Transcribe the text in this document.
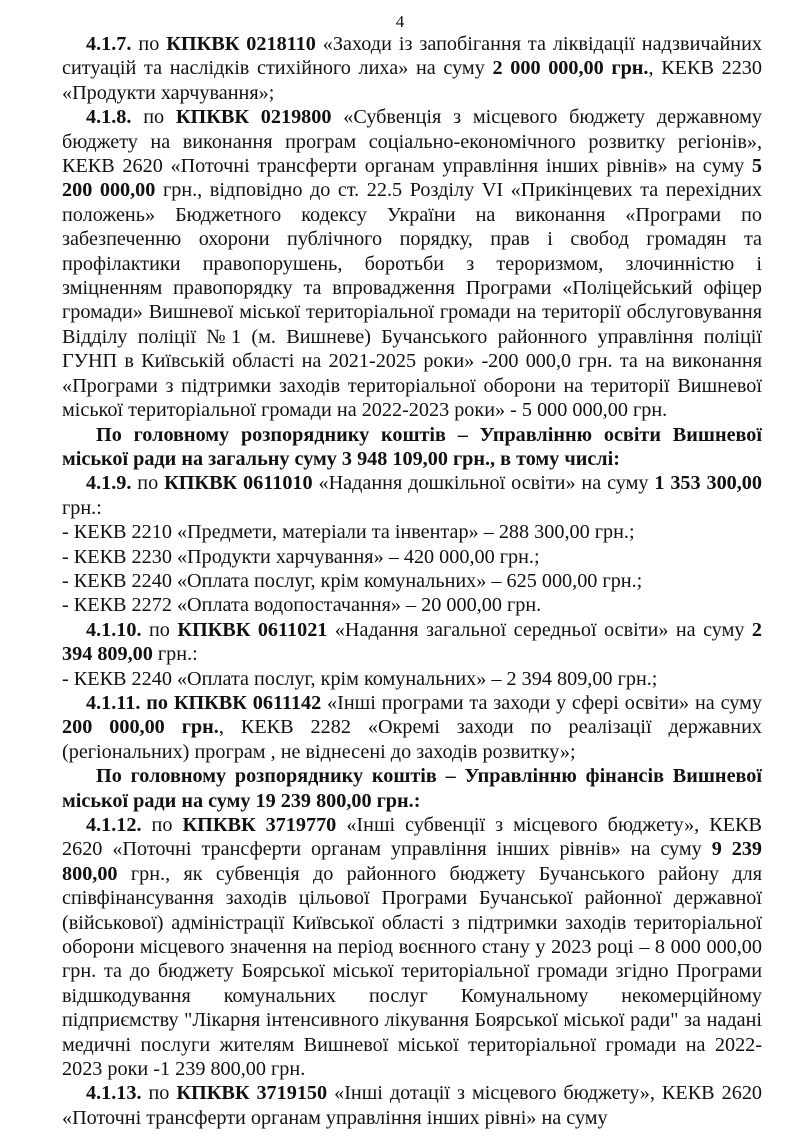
4

4.1.7. по КПКВК 0218110 «Заходи із запобігання та ліквідації надзвичайних ситуацій та наслідків стихійного лиха» на суму 2 000 000,00 грн., КЕКВ 2230 «Продукти харчування»;

4.1.8. по КПКВК 0219800 «Субвенція з місцевого бюджету державному бюджету на виконання програм соціально-економічного розвитку регіонів», КЕКВ 2620 «Поточні трансферти органам управління інших рівнів» на суму 5 200 000,00 грн., відповідно до ст. 22.5 Розділу VI «Прикінцевих та перехідних положень» Бюджетного кодексу України на виконання «Програми по забезпеченню охорони публічного порядку, прав і свобод громадян та профілактики правопорушень, боротьби з тероризмом, злочинністю і зміцненням правопорядку та впровадження Програми «Поліцейський офіцер громади» Вишневої міської територіальної громади на території обслуговування Відділу поліції №1 (м. Вишневе) Бучанського районного управління поліції ГУНП в Київській області на 2021-2025 роки» -200 000,0 грн. та на виконання «Програми з підтримки заходів територіальної оборони на території Вишневої міської територіальної громади на 2022-2023 роки» - 5 000 000,00 грн.

По головному розпоряднику коштів – Управлінню освіти Вишневої міської ради на загальну суму 3 948 109,00 грн., в тому числі:

4.1.9. по КПКВК 0611010 «Надання дошкільної освіти» на суму 1 353 300,00 грн.:

- КЕКВ 2210 «Предмети, матеріали та інвентар» – 288 300,00 грн.;

- КЕКВ 2230 «Продукти харчування» – 420 000,00 грн.;

- КЕКВ 2240 «Оплата послуг, крім комунальних» – 625 000,00 грн.;

- КЕКВ 2272 «Оплата водопостачання» – 20 000,00 грн.

4.1.10. по КПКВК 0611021 «Надання загальної середньої освіти» на суму 2 394 809,00 грн.:

- КЕКВ 2240 «Оплата послуг, крім комунальних» – 2 394 809,00 грн.;

4.1.11. по КПКВК 0611142 «Інші програми та заходи у сфері освіти» на суму 200 000,00 грн., КЕКВ 2282 «Окремі заходи по реалізації державних (регіональних) програм , не віднесені до заходів розвитку»;

По головному розпоряднику коштів – Управлінню фінансів Вишневої міської ради на суму 19 239 800,00 грн.:

4.1.12. по КПКВК 3719770 «Інші субвенції з місцевого бюджету», КЕКВ 2620 «Поточні трансферти органам управління інших рівнів» на суму 9 239 800,00 грн., як субвенція до районного бюджету Бучанського району для співфінансування заходів цільової Програми Бучанської районної державної (військової) адміністрації Київської області з підтримки заходів територіальної оборони місцевого значення на період воєнного стану у 2023 році – 8 000 000,00 грн. та до бюджету Боярської міської територіальної громади згідно Програми відшкодування комунальних послуг Комунальному некомерційному підприємству "Лікарня інтенсивного лікування Боярської міської ради" за надані медичні послуги жителям Вишневої міської територіальної громади на 2022-2023 роки -1 239 800,00 грн.

4.1.13. по КПКВК 3719150 «Інші дотації з місцевого бюджету», КЕКВ 2620 «Поточні трансферти органам управління інших рівні» на суму
